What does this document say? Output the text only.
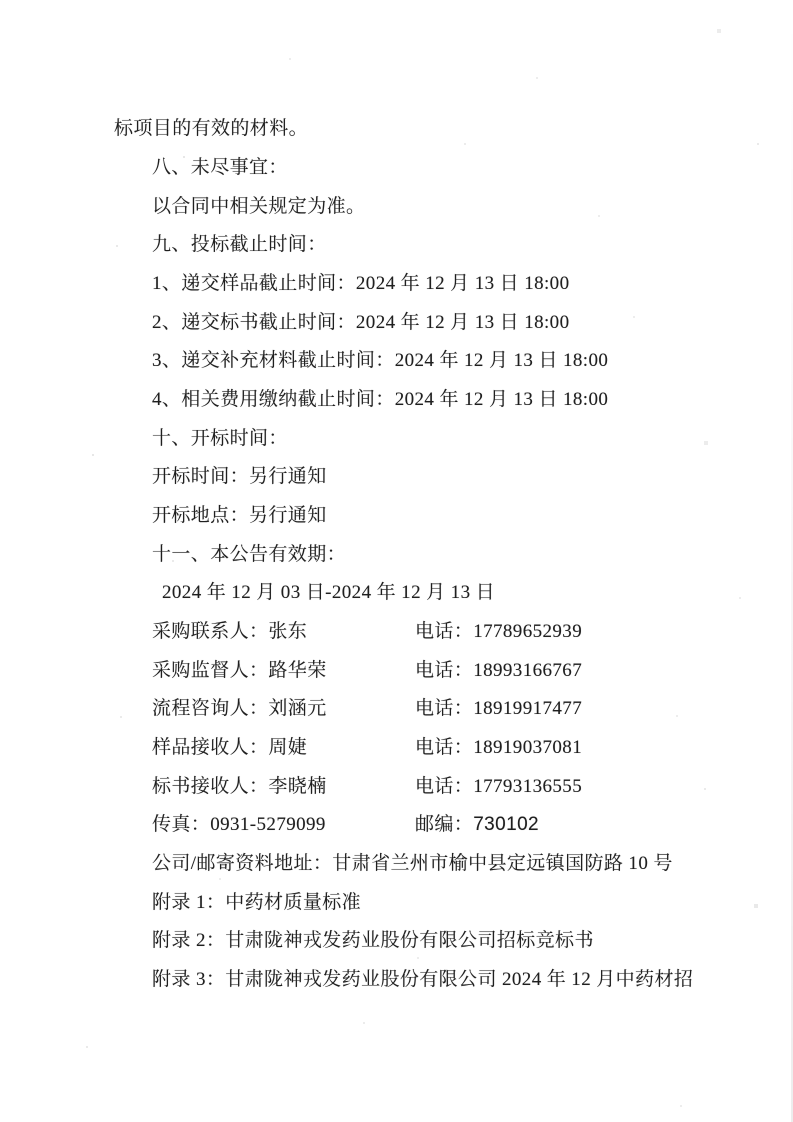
标项目的有效的材料。
八、未尽事宜：
以合同中相关规定为准。
九、投标截止时间：
1、递交样品截止时间：2024 年 12 月 13 日 18:00
2、递交标书截止时间：2024 年 12 月 13 日 18:00
3、递交补充材料截止时间：2024 年 12 月 13 日 18:00
4、相关费用缴纳截止时间：2024 年 12 月 13 日 18:00
十、开标时间：
开标时间：另行通知
开标地点：另行通知
十一、本公告有效期：
2024 年 12 月 03 日-2024 年 12 月 13 日
采购联系人：张东	电话：17789652939
采购监督人：路华荣	电话：18993166767
流程咨询人：刘涵元	电话：18919917477
样品接收人：周婕	电话：18919037081
标书接收人：李晓楠	电话：17793136555
传真：0931-5279099	邮编：730102
公司/邮寄资料地址：甘肃省兰州市榆中县定远镇国防路 10 号
附录 1：中药材质量标准
附录 2：甘肃陇神戎发药业股份有限公司招标竞标书
附录 3：甘肃陇神戎发药业股份有限公司 2024 年 12 月中药材招
